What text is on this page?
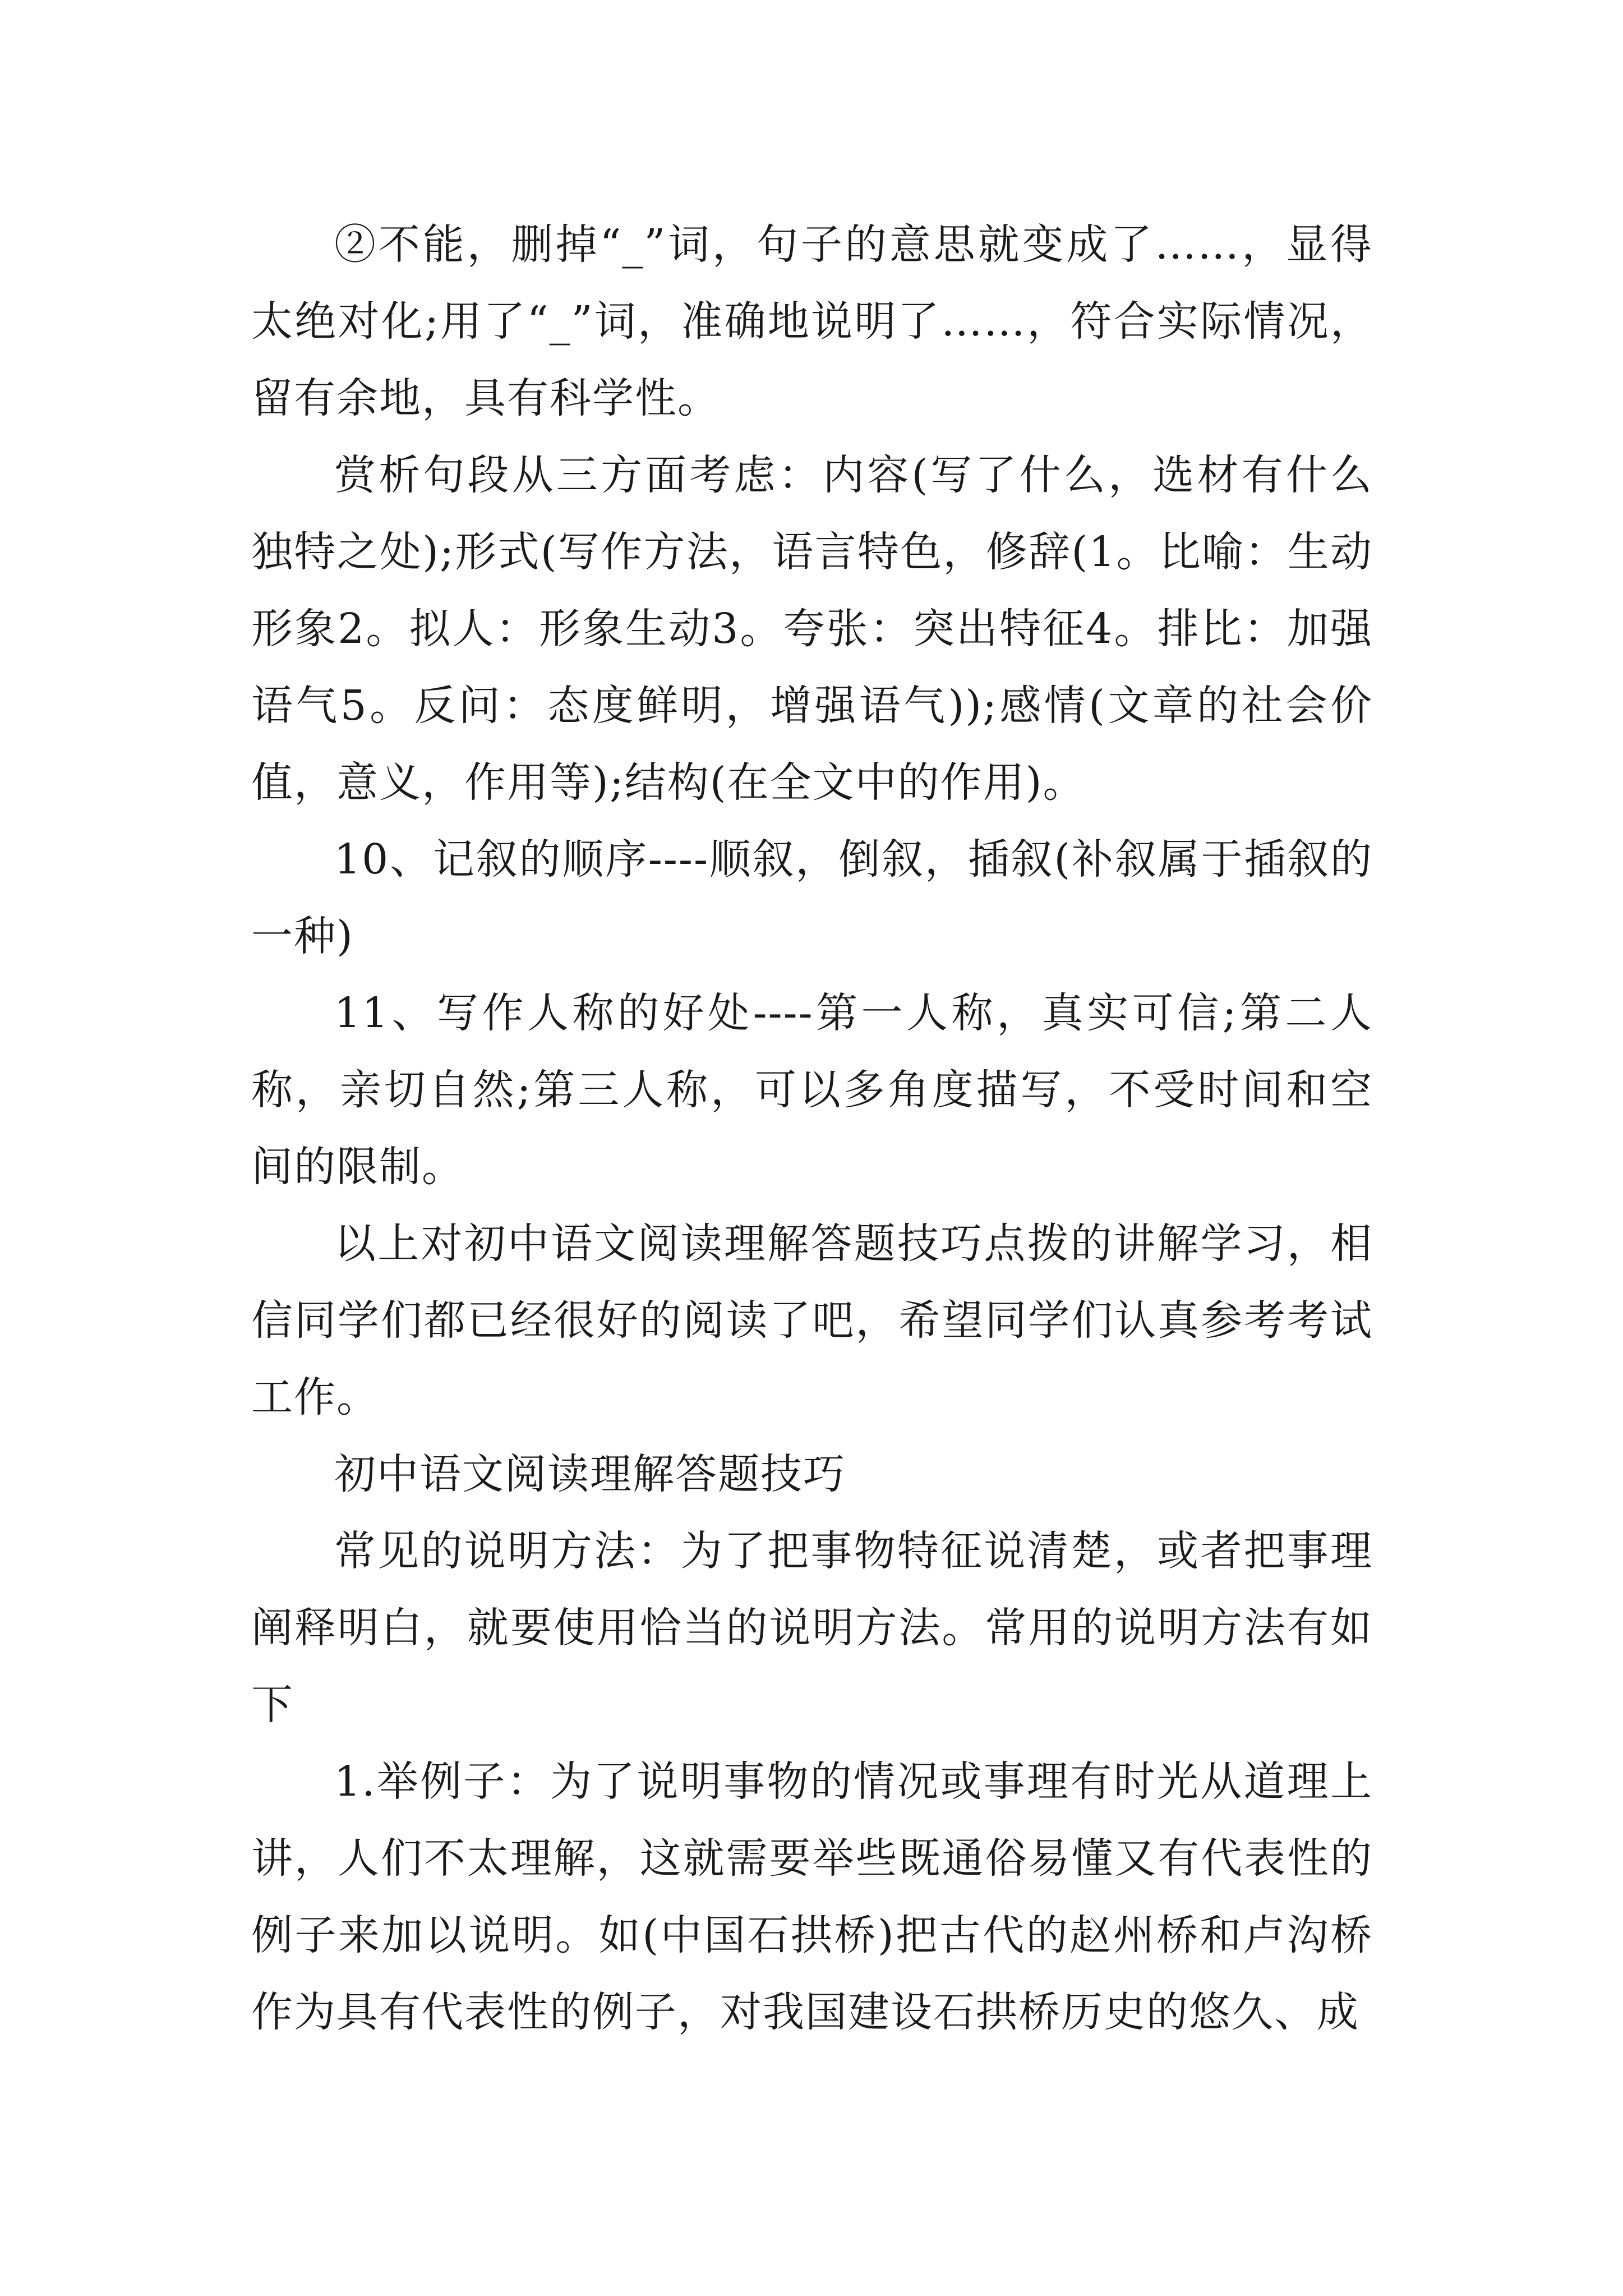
②不能，删掉“_”词，句子的意思就变成了……，显得太绝对化;用了“_”词，准确地说明了……，符合实际情况，留有余地，具有科学性。

赏析句段从三方面考虑：内容(写了什么，选材有什么独特之处);形式(写作方法，语言特色，修辞(1。比喻：生动形象2。拟人：形象生动3。夸张：突出特征4。排比：加强语气5。反问：态度鲜明，增强语气));感情(文章的社会价值，意义，作用等);结构(在全文中的作用)。

10、记叙的顺序----顺叙，倒叙，插叙(补叙属于插叙的一种)

11、写作人称的好处----第一人称，真实可信;第二人称，亲切自然;第三人称，可以多角度描写，不受时间和空间的限制。

以上对初中语文阅读理解答题技巧点拨的讲解学习，相信同学们都已经很好的阅读了吧，希望同学们认真参考考试工作。

初中语文阅读理解答题技巧

常见的说明方法：为了把事物特征说清楚，或者把事理阐释明白，就要使用恰当的说明方法。常用的说明方法有如下

1.举例子：为了说明事物的情况或事理有时光从道理上讲，人们不太理解，这就需要举些既通俗易懂又有代表性的例子来加以说明。如(中国石拱桥)把古代的赵州桥和卢沟桥作为具有代表性的例子，对我国建设石拱桥历史的悠久、成
